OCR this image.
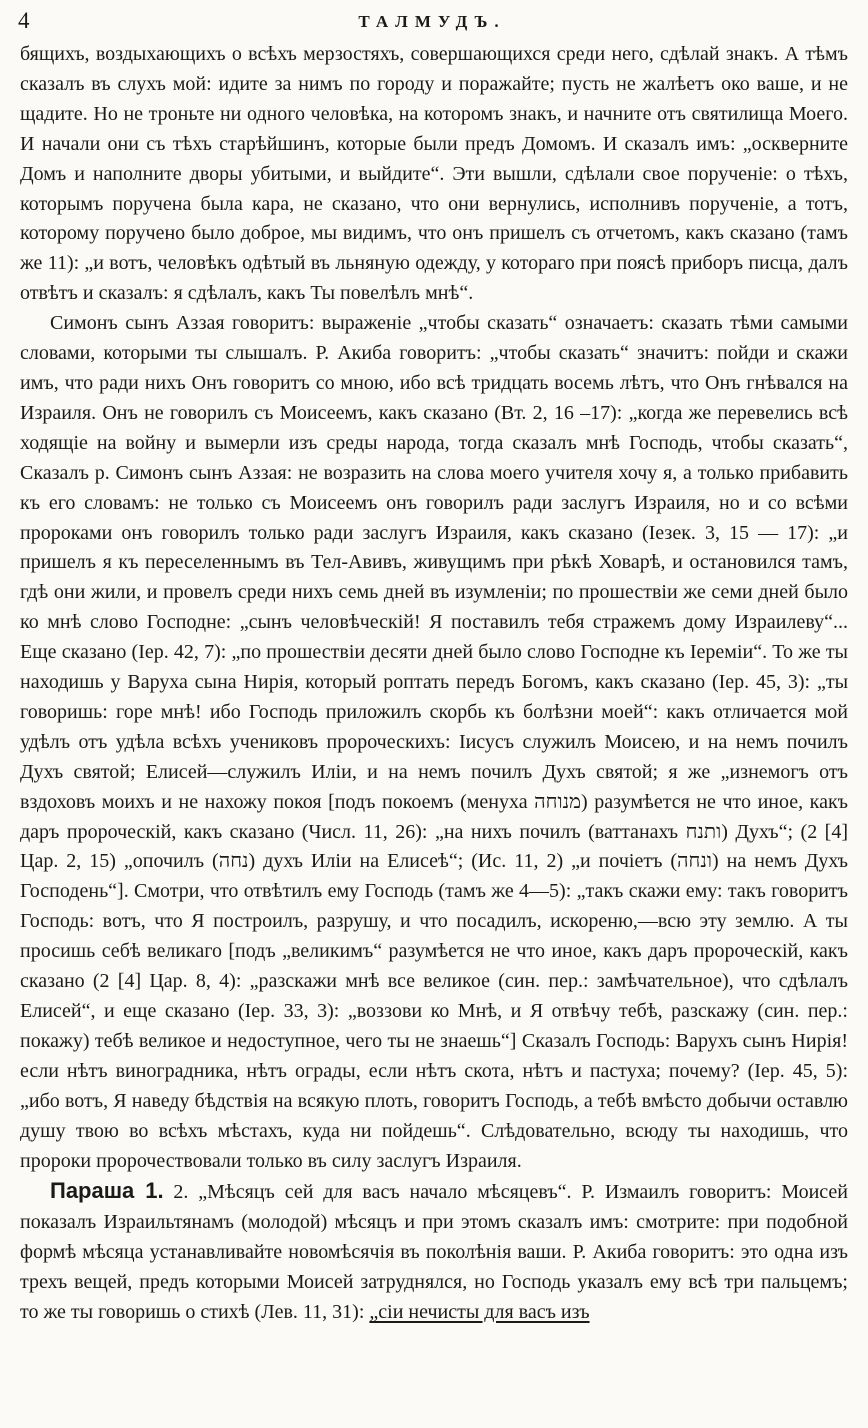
4	ТАЛМУДЪ.

бящихъ, воздыхающихъ о всѣхъ мерзостяхъ, совершающихся среди него, сдѣлай знакъ. А тѣмъ сказалъ въ слухъ мой: идите за нимъ по городу и поражайте; пусть не жалѣетъ око ваше, и не щадите. Но не троньте ни одного человѣка, на которомъ знакъ, и начните отъ святилища Моего. И начали они съ тѣхъ старѣйшинъ, которые были предъ Домомъ. И сказалъ имъ: „осквернитe Домъ и наполните дворы убитыми, и выйдите“. Эти вышли, сдѣлали свое порученіе: о тѣхъ, которымъ поручена была кара, не сказано, что они вернулись, исполнивъ порученіе, а тотъ, которому поручено было доброе, мы видимъ, что онъ пришелъ съ отчетомъ, какъ сказано (тамъ же 11): „и вотъ, человѣкъ одѣтый въ льняную одежду, у котораго при поясѣ приборъ писца, далъ отвѣтъ и сказалъ: я сдѣлалъ, какъ Ты повелѣлъ мнѣ“.

Симонъ сынъ Аззая говоритъ: выраженіе „чтобы сказать“ означаетъ: сказать тѣми самыми словами, которыми ты слышалъ. Р. Акиба говоритъ: „чтобы сказать“ значитъ: пойди и скажи имъ, что ради нихъ Онъ говоритъ со мною, ибо всѣ тридцать восемь лѣтъ, что Онъ гнѣвался на Израиля. Онъ не говорилъ съ Моисеемъ, какъ сказано (Вт. 2, 16 –17): „когда же перевелись всѣ ходящіе на войну и вымерли изъ среды народа, тогда сказалъ мнѣ Господь, чтобы сказать“, Сказалъ р. Симонъ сынъ Аззая: не возразить на слова моего учителя хочу я, а только прибавить къ его словамъ: не только съ Моисеемъ онъ говорилъ ради заслугъ Израиля, но и со всѣми пророками онъ говорилъ только ради заслугъ Израиля, какъ сказано (Іезек. 3, 15 — 17): „и пришелъ я къ переселеннымъ въ Тел-Авивъ, живущимъ при рѣкѣ Ховарѣ, и остановился тамъ, гдѣ они жили, и провелъ среди нихъ семь дней въ изумленіи; по прошествіи же семи дней было ко мнѣ слово Господне: „сынъ человѣческій! Я поставилъ тебя стражемъ дому Израилеву“... Еще сказано (Іер. 42, 7): „по прошествіи десяти дней было слово Господне къ Іереміи“. То же ты находишь у Варуха сына Нирія, который роптать передъ Богомъ, какъ сказано (Іер. 45, 3): „ты говоришь: горе мнѣ! ибо Господь приложилъ скорбь къ болѣзни моей“: какъ отличается мой удѣлъ отъ удѣла всѣхъ учениковъ пророческихъ: Іисусъ служилъ Моисею, и на немъ почилъ Духъ святой; Елисей—служилъ Иліи, и на немъ почилъ Духъ святой; я же „изнемогъ отъ вздоховъ моихъ и не нахожу покоя [подъ покоемъ (менуха מנוחה) разумѣется не что иное, какъ даръ пророческій, какъ сказано (Числ. 11, 26): „на нихъ почилъ (ваттанахъ ותנח) Духъ“; (2 [4] Цар. 2, 15) „опочилъ (נחה) духъ Иліи на Елисеѣ“; (Ис. 11, 2) „и почіетъ (ונחה) на немъ Духъ Господень“]. Смотри, что отвѣтилъ ему Господь (тамъ же 4—5): „такъ скажи ему: такъ говоритъ Господь: вотъ, что Я построилъ, разрушу, и что посадилъ, искореню,—всю эту землю. А ты просишь себѣ великаго [подъ „великимъ“ разумѣется не что иное, какъ даръ пророческій, какъ сказано (2 [4] Цар. 8, 4): „разскажи мнѣ все великое (син. пер.: замѣчательное), что сдѣлалъ Елисей“, и еще сказано (Іер. 33, 3): „воззови ко Мнѣ, и Я отвѣчу тебѣ, разскажу (син. пер.: покажу) тебѣ великое и недоступное, чего ты не знаешь“] Сказалъ Господь: Варухъ сынъ Нирія! если нѣтъ виноградника, нѣтъ ограды, если нѣтъ скота, нѣтъ и пастуха; почему? (Іер. 45, 5): „ибо вотъ, Я наведу бѣдствія на всякую плоть, говоритъ Господь, а тебѣ вмѣсто добычи оставлю душу твою во всѣхъ мѣстахъ, куда ни пойдешь“. Слѣдовательно, всюду ты находишь, что пророки пророчествовали только въ силу заслугъ Израиля.

Параша 1. 2. „Мѣсяцъ сей для васъ начало мѣсяцевъ“. Р. Измаилъ говоритъ: Моисей показалъ Израильтянамъ (молодой) мѣсяцъ и при этомъ сказалъ имъ: смотрите: при подобной формѣ мѣсяца устанавливайте новомѣсячія въ поколѣнія ваши. Р. Акиба говоритъ: это одна изъ трехъ вещей, предъ которыми Моисей затруднялся, но Господь указалъ ему всѣ три пальцемъ; то же ты говоришь о стихѣ (Лев. 11, 31): „сіи нечисты для васъ изъ
